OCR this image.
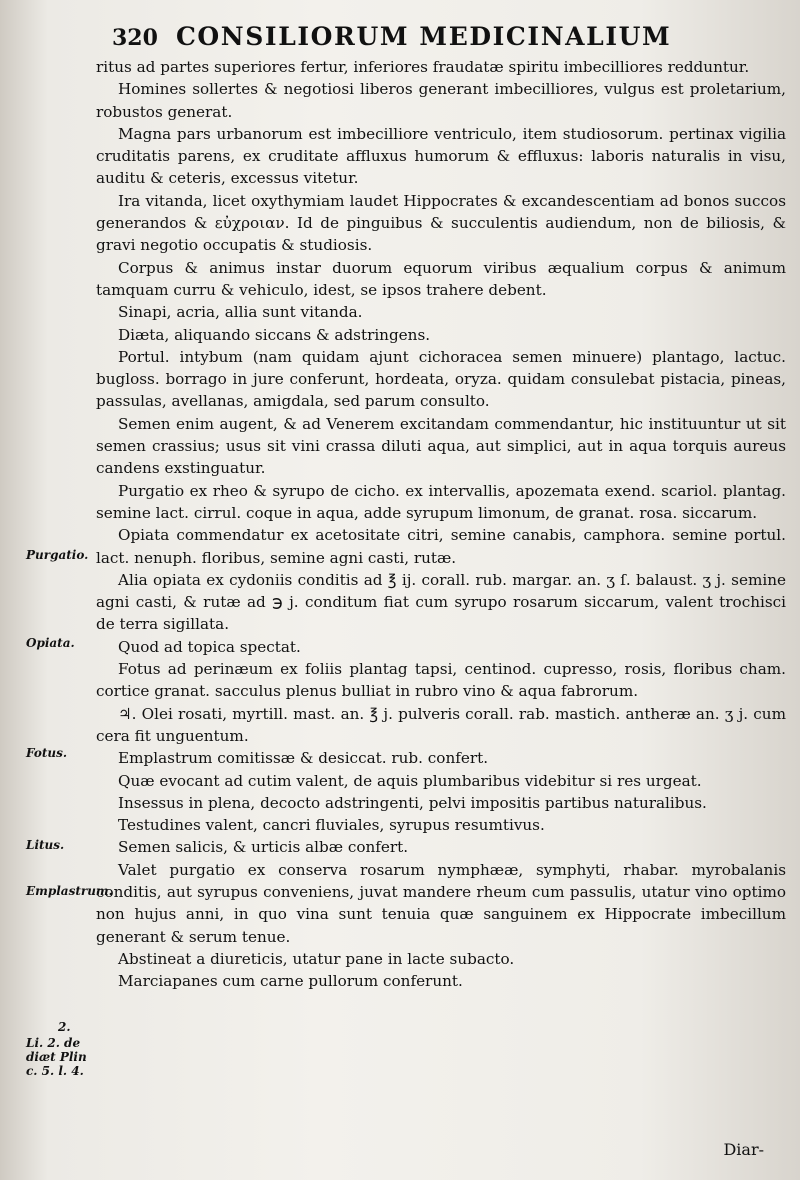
320 CONSILIORUM MEDICINALIUM

ritus ad partes superiores fertur, inferiores fraudatæ spiritu imbecilliores redduntur.

Homines sollertes & negotiosi liberos generant imbecilliores, vulgus est proletarium, robustos generat.

Magna pars urbanorum est imbecilliore ventriculo, item studiosorum. pertinax vigilia cruditatis parens, ex cruditate affluxus humorum & effluxus: laboris naturalis in visu, auditu & ceteris, excessus vitetur.

Ira vitanda, licet oxythymiam laudet Hippocrates & excandescentiam ad bonos succos generandos & εὐχροιαν. Id de pinguibus & succulentis audiendum, non de biliosis, & gravi negotio occupatis & studiosis.

Corpus & animus instar duorum equorum viribus æqualium corpus & animum tamquam curru & vehiculo, idest, se ipsos trahere debent.

Sinapi, acria, allia sunt vitanda.

Diæta, aliquando siccans & adstringens.

Portul. intybum (nam quidam ajunt cichoracea semen minuere) plantago, lactuc. bugloss. borrago in jure conferunt, hordeata, oryza. quidam consulebat pistacia, pineas, passulas, avellanas, amigdala, sed parum consulto.

Semen enim augent, & ad Venerem excitandam commendantur, hic instituuntur ut sit semen crassius; usus sit vini crassa diluti aqua, aut simplici, aut in aqua torquis aureus candens exstinguatur.

Purgatio ex rheo & syrupo de cicho. ex intervallis, apozemata exend. scariol. plantag. semine lact. cirrul. coque in aqua, adde syrupum limonum, de granat. rosa. siccarum.

Opiata commendatur ex acetositate citri, semine canabis, camphora. semine portul. lact. nenuph. floribus, semine agni casti, rutæ.

Alia opiata ex cydoniis conditis ad ℥ ij. corall. rub. margar. an. ʒ ſ. balaust. ʒ j. semine agni casti, & rutæ ad ℈ j. conditum fiat cum syrupo rosarum siccarum, valent trochisci de terra sigillata.

Quod ad topica spectat.

Fotus ad perinæum ex foliis plantag tapsi, centinod. cupresso, rosis, floribus cham. cortice granat. sacculus plenus bulliat in rubro vino & aqua fabrorum.

♃. Olei rosati, myrtill. mast. an. ℥ j. pulveris corall. rab. mastich. antheræ an. ʒ j. cum cera fit unguentum.

Emplastrum comitissæ & desiccat. rub. confert.

Quæ evocant ad cutim valent, de aquis plumbaribus videbitur si res urgeat.

Insessus in plena, decocto adstringenti, pelvi impositis partibus naturalibus.

Testudines valent, cancri fluviales, syrupus resumtivus.

Semen salicis, & urticis albæ confert.

Valet purgatio ex conserva rosarum nymphææ, symphyti, rhabar. myrobalanis conditis, aut syrupus conveniens, juvat mandere rheum cum passulis, utatur vino optimo non hujus anni, in quo vina sunt tenuia quæ sanguinem ex Hippocrate imbecillum generant & serum tenue.

Abstineat a diureticis, utatur pane in lacte subacto.

Marciapanes cum carne pullorum conferunt.

Purgatio.
Opiata.
Fotus.
Litus.
Emplastrum.
2.
Li. 2. de diæt Plin c. 5. l. 4.
Diar-
